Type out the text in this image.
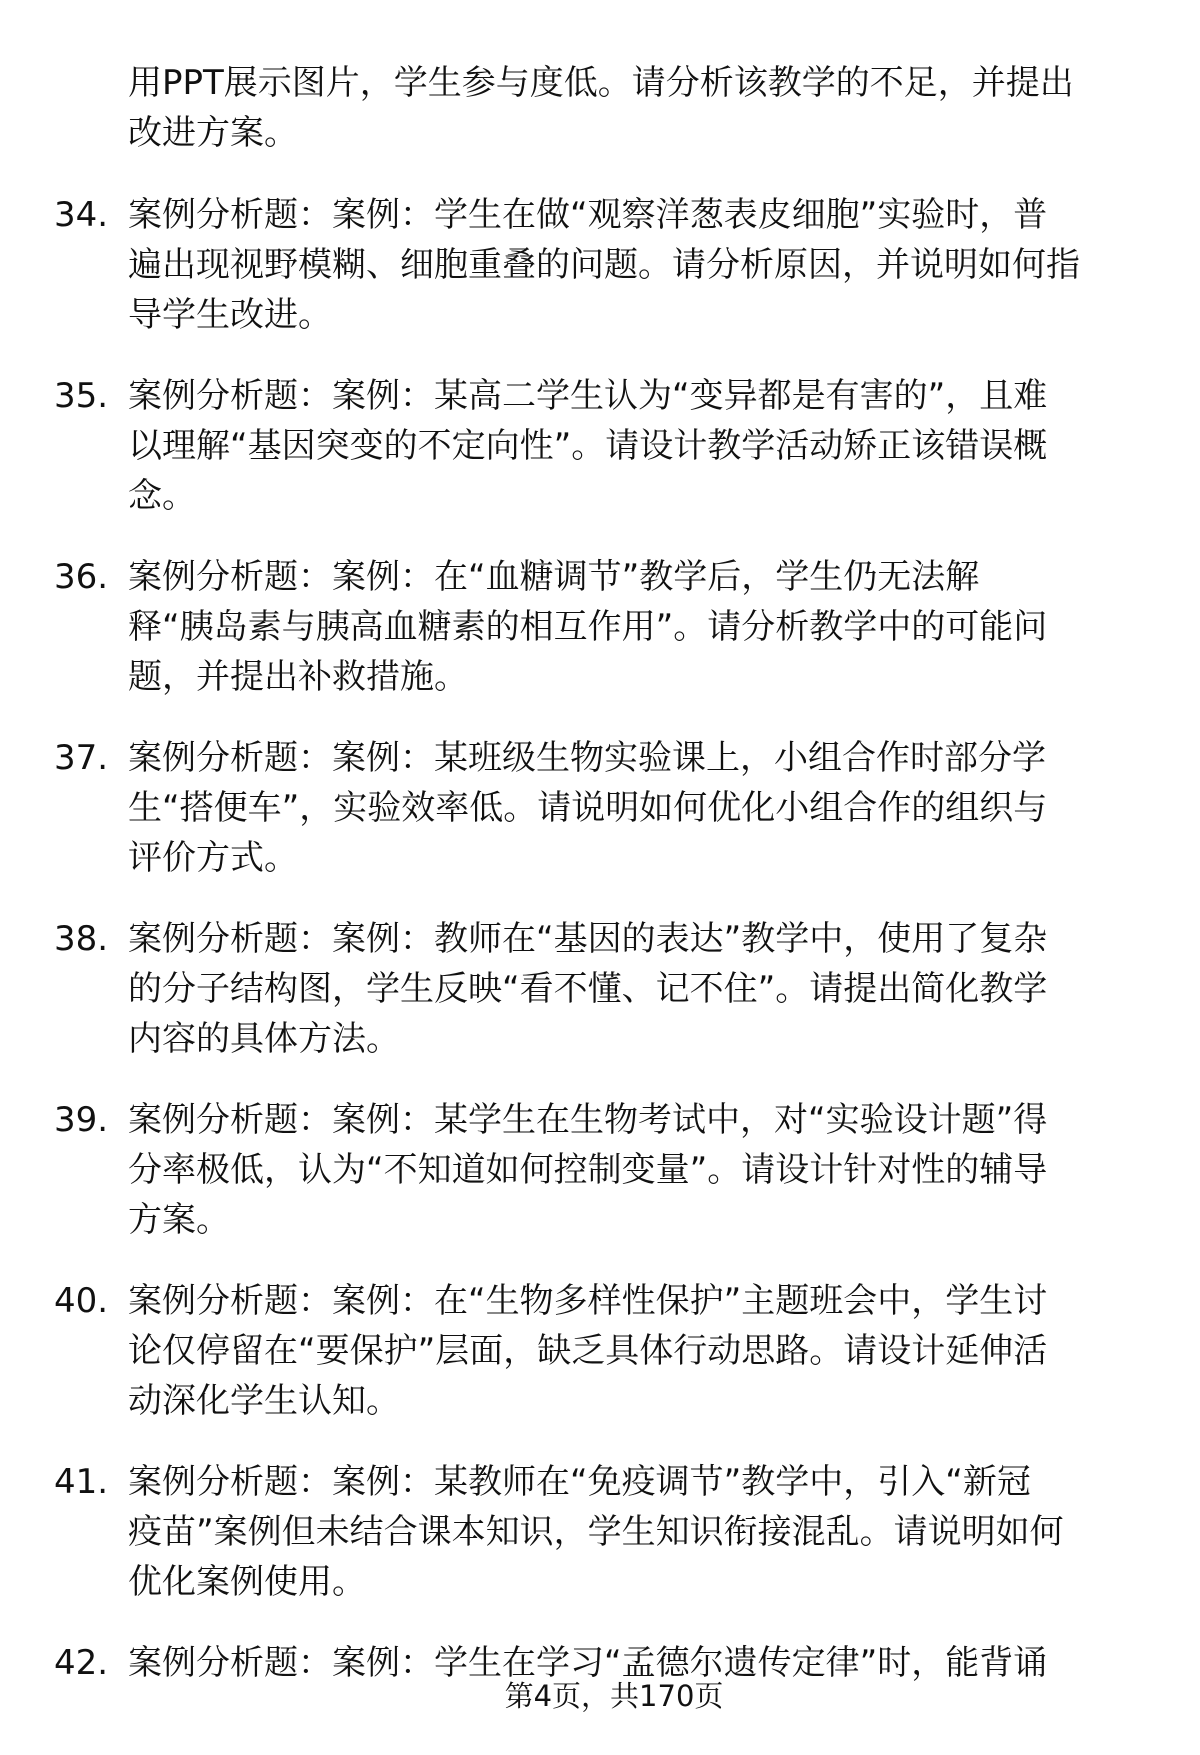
用PPT展示图片，学生参与度低。请分析该教学的不足，并提出
改进方案。
34. 案例分析题：案例：学生在做“观察洋葱表皮细胞”实验时，普
遍出现视野模糊、细胞重叠的问题。请分析原因，并说明如何指
导学生改进。
35. 案例分析题：案例：某高二学生认为“变异都是有害的”，且难
以理解“基因突变的不定向性”。请设计教学活动矫正该错误概
念。
36. 案例分析题：案例：在“血糖调节”教学后，学生仍无法解
释“胰岛素与胰高血糖素的相互作用”。请分析教学中的可能问
题，并提出补救措施。
37. 案例分析题：案例：某班级生物实验课上，小组合作时部分学
生“搭便车”，实验效率低。请说明如何优化小组合作的组织与
评价方式。
38. 案例分析题：案例：教师在“基因的表达”教学中，使用了复杂
的分子结构图，学生反映“看不懂、记不住”。请提出简化教学
内容的具体方法。
39. 案例分析题：案例：某学生在生物考试中，对“实验设计题”得
分率极低，认为“不知道如何控制变量”。请设计针对性的辅导
方案。
40. 案例分析题：案例：在“生物多样性保护”主题班会中，学生讨
论仅停留在“要保护”层面，缺乏具体行动思路。请设计延伸活
动深化学生认知。
41. 案例分析题：案例：某教师在“免疫调节”教学中，引入“新冠
疫苗”案例但未结合课本知识，学生知识衔接混乱。请说明如何
优化案例使用。
42. 案例分析题：案例：学生在学习“孟德尔遗传定律”时，能背诵
第4页，共170页
